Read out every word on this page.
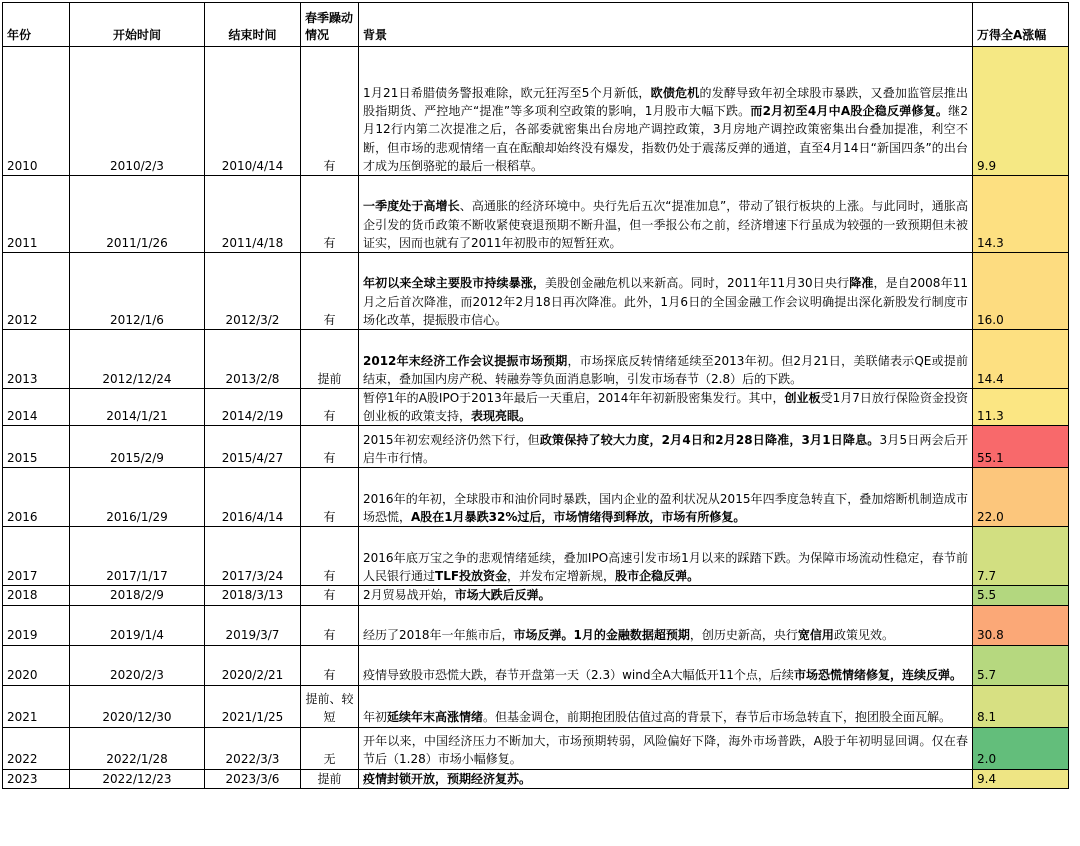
年份	开始时间	结束时间	春季躁动情况	背景	万得全A涨幅
2010	2010/2/3	2010/4/14	有	1月21日希腊债务警报难除，欧元狂泻至5个月新低，欧债危机的发酵导致年初全球股市暴跌，又叠加监管层推出股指期货、严控地产“提准”等多项利空政策的影响，1月股市大幅下跌。而2月初至4月中A股企稳反弹修复。继2月12行内第二次提准之后，各部委就密集出台房地产调控政策，3月房地产调控政策密集出台叠加提准，利空不断，但市场的悲观情绪一直在酝酿却始终没有爆发，指数仍处于震荡反弹的通道，直至4月14日“新国四条”的出台才成为压倒骆驼的最后一根稻草。	9.9
2011	2011/1/26	2011/4/18	有	一季度处于高增长、高通胀的经济环境中。央行先后五次“提准加息”，带动了银行板块的上涨。与此同时，通胀高企引发的货币政策不断收紧使衰退预期不断升温，但一季报公布之前，经济增速下行虽成为较强的一致预期但未被证实，因而也就有了2011年初股市的短暂狂欢。	14.3
2012	2012/1/6	2012/3/2	有	年初以来全球主要股市持续暴涨，美股创金融危机以来新高。同时，2011年11月30日央行降准，是自2008年11月之后首次降准，而2012年2月18日再次降准。此外，1月6日的全国金融工作会议明确提出深化新股发行制度市场化改革，提振股市信心。	16.0
2013	2012/12/24	2013/2/8	提前	2012年末经济工作会议提振市场预期，市场探底反转情绪延续至2013年初。但2月21日，美联储表示QE或提前结束，叠加国内房产税、转融券等负面消息影响，引发市场春节（2.8）后的下跌。	14.4
2014	2014/1/21	2014/2/19	有	暂停1年的A股IPO于2013年最后一天重启，2014年年初新股密集发行。其中，创业板受1月7日放行保险资金投资创业板的政策支持，表现亮眼。	11.3
2015	2015/2/9	2015/4/27	有	2015年初宏观经济仍然下行，但政策保持了较大力度，2月4日和2月28日降准，3月1日降息。3月5日两会后开启牛市行情。	55.1
2016	2016/1/29	2016/4/14	有	2016年的年初，全球股市和油价同时暴跌，国内企业的盈利状况从2015年四季度急转直下，叠加熔断机制造成市场恐慌，A股在1月暴跌32%过后，市场情绪得到释放，市场有所修复。	22.0
2017	2017/1/17	2017/3/24	有	2016年底万宝之争的悲观情绪延续，叠加IPO高速引发市场1月以来的踩踏下跌。为保障市场流动性稳定，春节前人民银行通过TLF投放资金，并发布定增新规，股市企稳反弹。	7.7
2018	2018/2/9	2018/3/13	有	2月贸易战开始，市场大跌后反弹。	5.5
2019	2019/1/4	2019/3/7	有	经历了2018年一年熊市后，市场反弹。1月的金融数据超预期，创历史新高，央行宽信用政策见效。	30.8
2020	2020/2/3	2020/2/21	有	疫情导致股市恐慌大跌，春节开盘第一天（2.3）wind全A大幅低开11个点，后续市场恐慌情绪修复，连续反弹。	5.7
2021	2020/12/30	2021/1/25	提前、较短	年初延续年末高涨情绪。但基金调仓，前期抱团股估值过高的背景下，春节后市场急转直下，抱团股全面瓦解。	8.1
2022	2022/1/28	2022/3/3	无	开年以来，中国经济压力不断加大，市场预期转弱，风险偏好下降，海外市场普跌，A股于年初明显回调。仅在春节后（1.28）市场小幅修复。	2.0
2023	2022/12/23	2023/3/6	提前	疫情封锁开放，预期经济复苏。	9.4
